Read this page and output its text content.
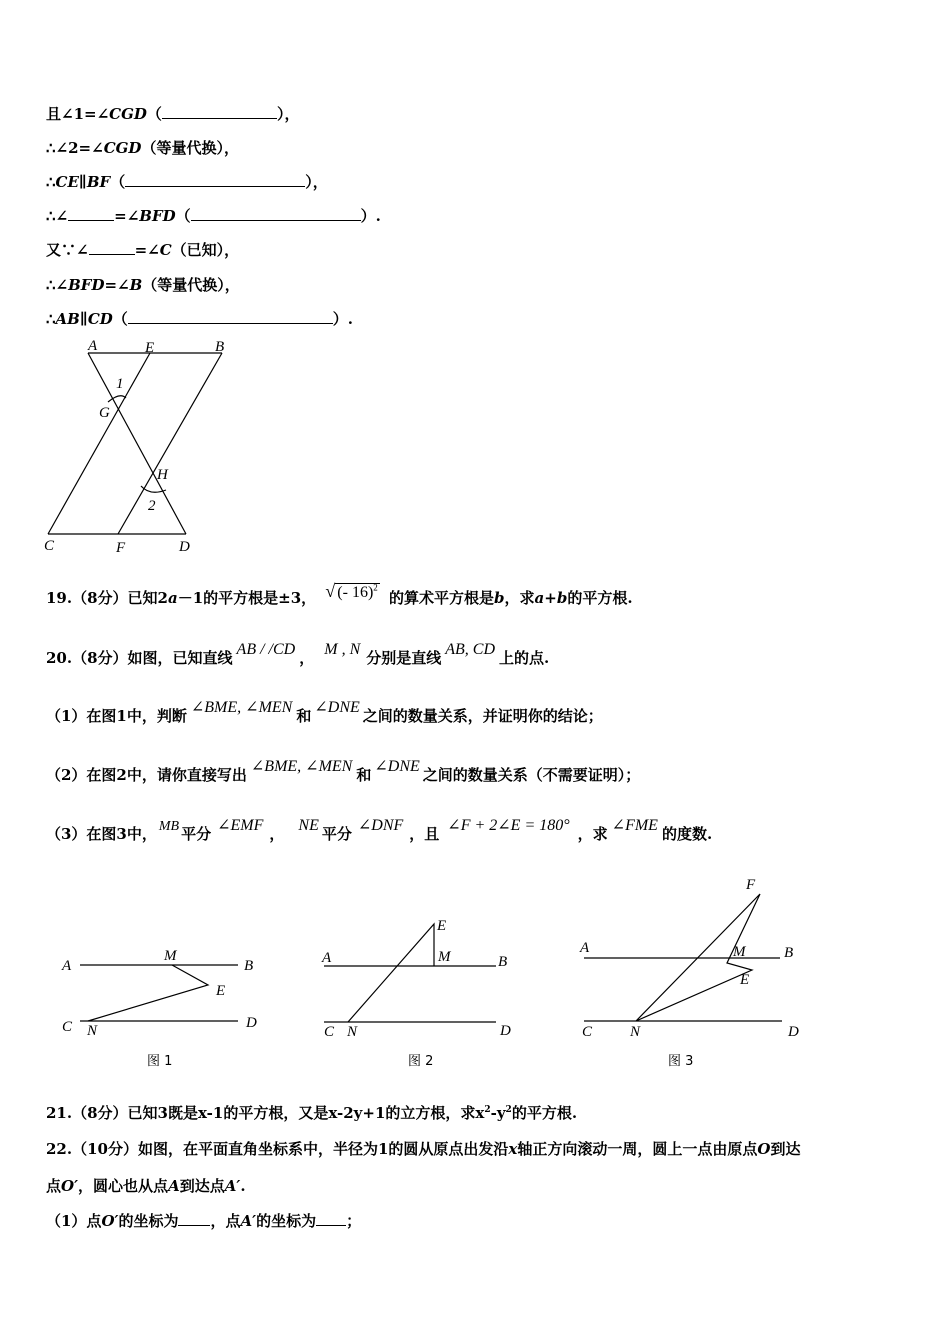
且∠1=∠CGD（	），
∴∠2=∠CGD（等量代换），
∴CE∥BF（	），
∴∠	=∠BFD（	）.
又∵∠	=∠C（已知），
∴∠BFD=∠B（等量代换），
∴AB∥CD（	）.
A	E	B
1
G
H
2
C	F	D
19.（8分）已知2a－1的平方根是±3， √ (- 16)$^2$ 的算术平方根是b，求a+b的平方根.
20.（8分）如图，已知直线 AB / /CD ， M , N 分别是直线 AB, CD 上的点.
（1）在图1中，判断 ∠BME, ∠MEN 和 ∠DNE 之间的数量关系，并证明你的结论；
（2）在图2中，请你直接写出 ∠BME, ∠MEN 和 ∠DNE 之间的数量关系（不需要证明）；
（3）在图3中， MB 平分 ∠EMF ， NE 平分 ∠DNF ，且 ∠F + 2∠E = 180° ，求 ∠FME 的度数.
A
M
B
E
C N	D
图 1
A
E
M	B
C N	D
图 2
F
A	M	B
E
C	N	D
图 3
21.（8分）已知3既是x-1的平方根，又是x-2y+1的立方根，求$x^2-y^2$的平方根.
22.（10分）如图，在平面直角坐标系中，半径为1的圆从原点出发沿x轴正方向滚动一周，圆上一点由原点O到达
点O′，圆心也从点A到达点A′.
（1）点O′的坐标为 ，点A′的坐标为 ；
